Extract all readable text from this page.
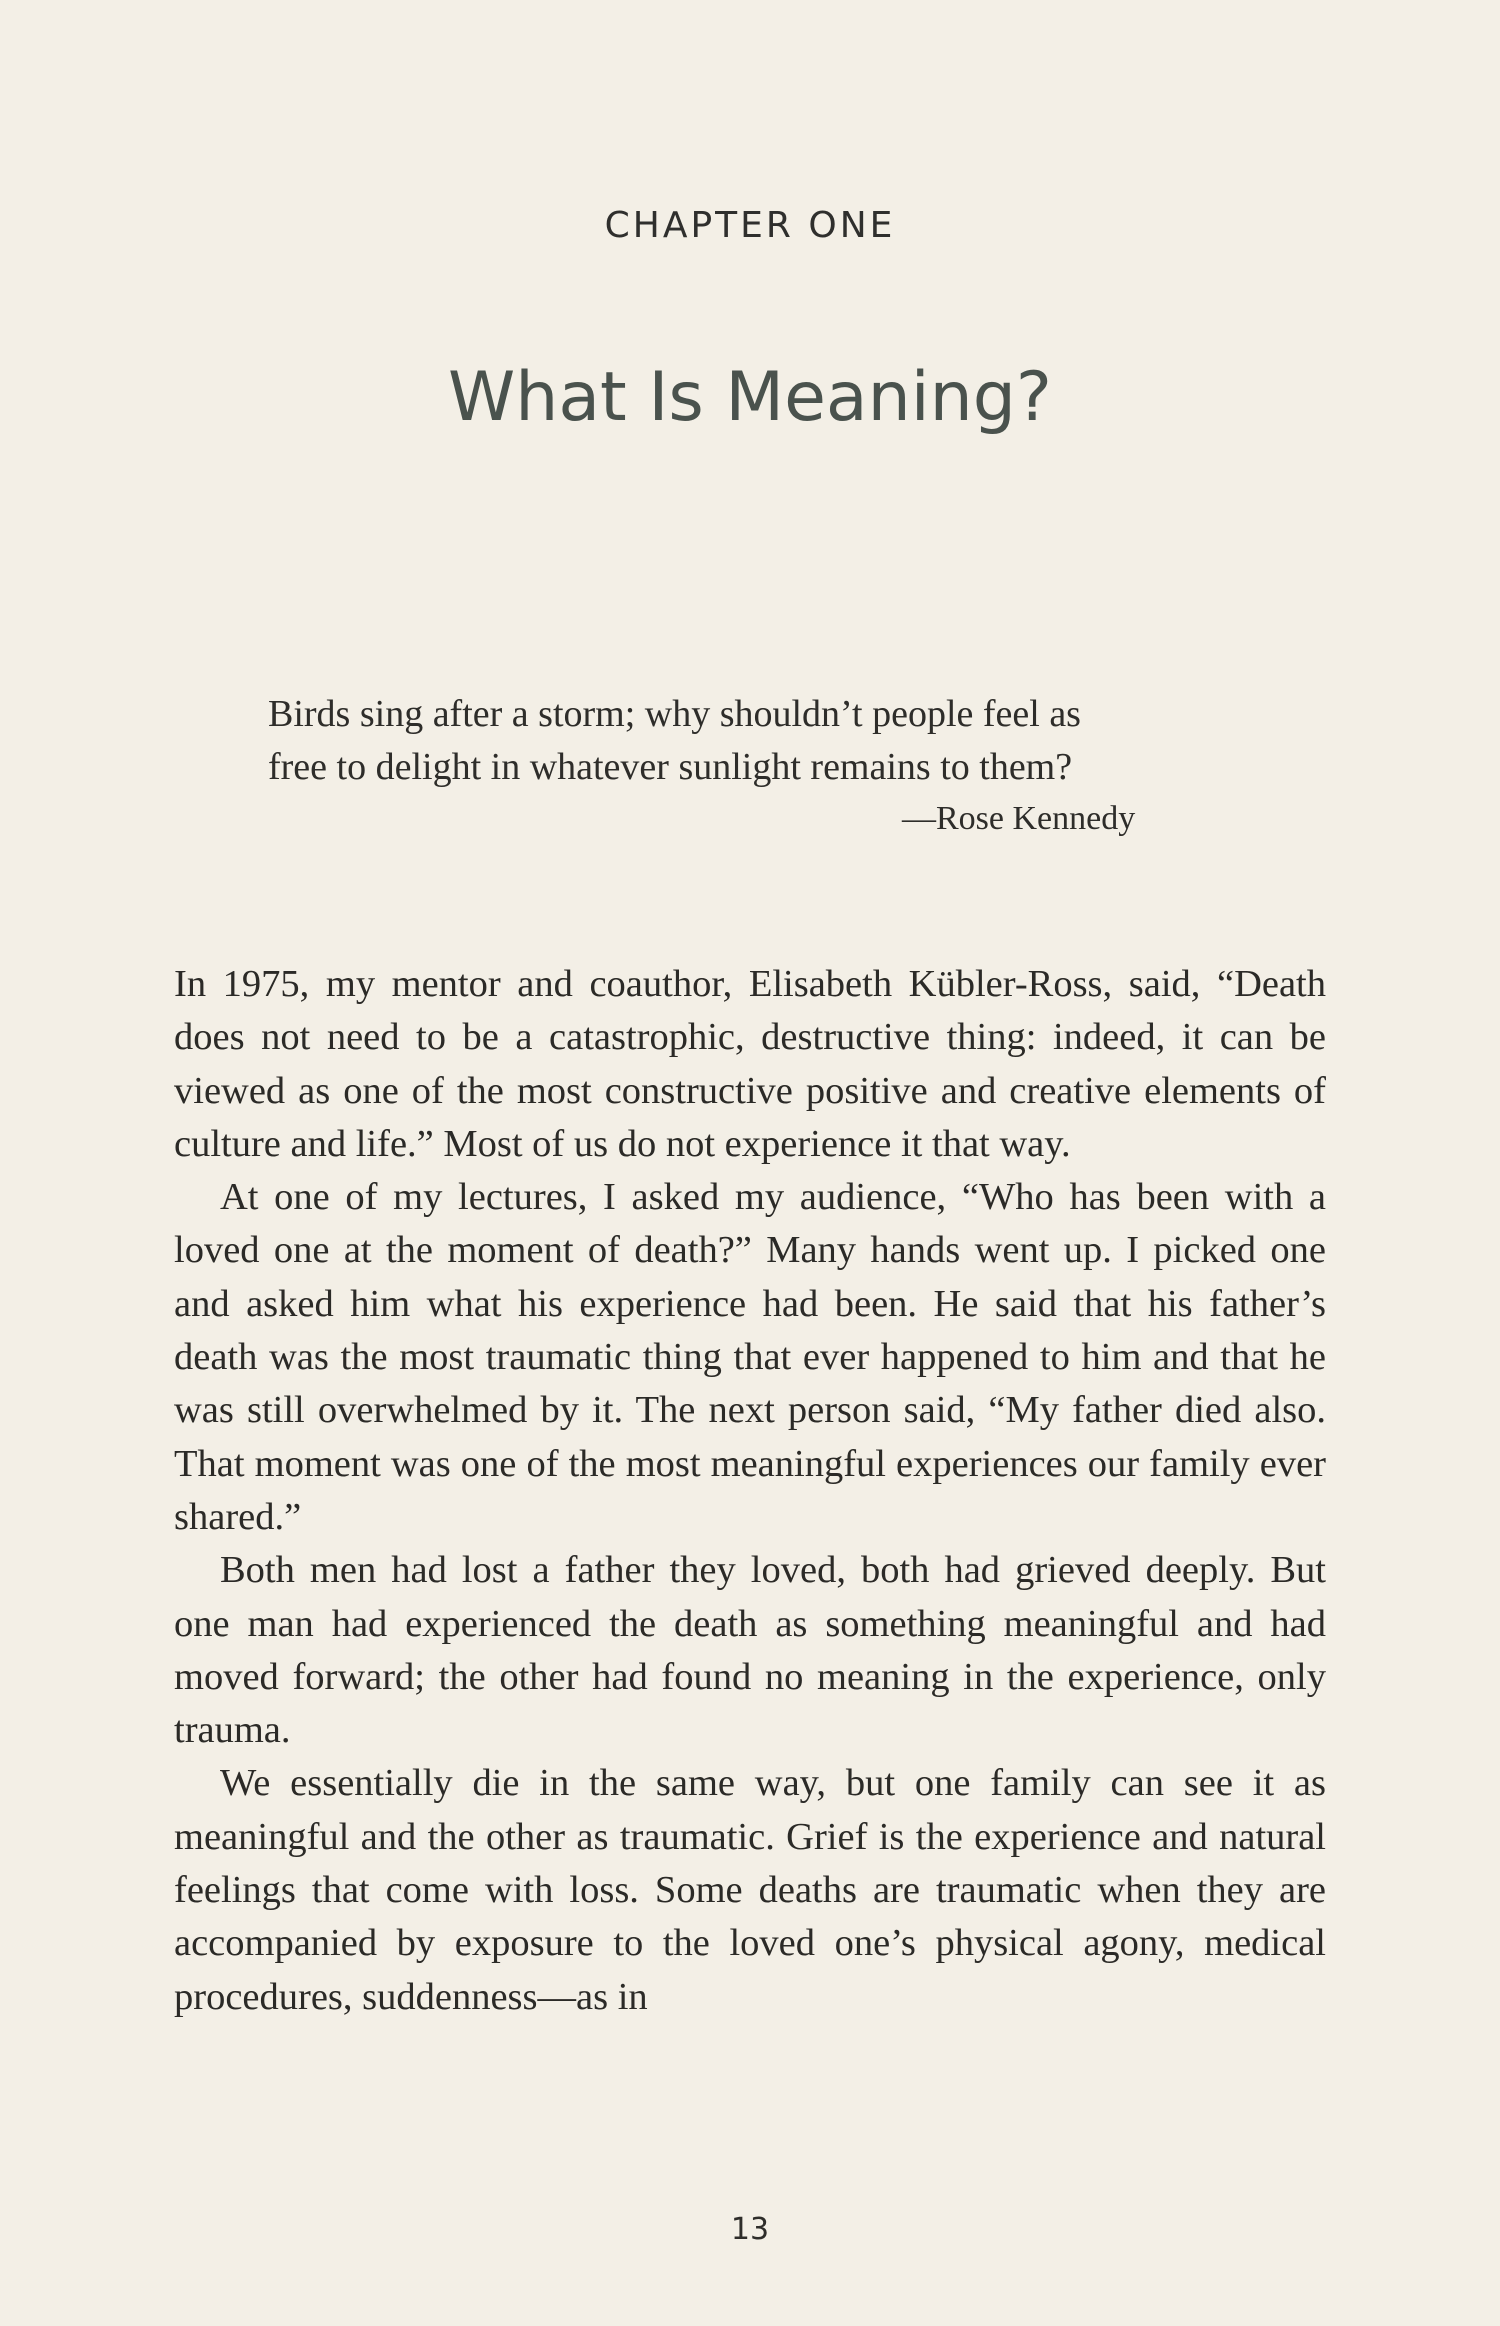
CHAPTER ONE
What Is Meaning?
Birds sing after a storm; why shouldn’t people feel as
free to delight in whatever sunlight remains to them?
—Rose Kennedy

In 1975, my mentor and coauthor, Elisabeth Kübler-Ross, said, “Death does not need to be a catastrophic, destructive thing: indeed, it can be viewed as one of the most constructive positive and creative elements of culture and life.” Most of us do not experience it that way.

At one of my lectures, I asked my audience, “Who has been with a loved one at the moment of death?” Many hands went up. I picked one and asked him what his experience had been. He said that his father’s death was the most traumatic thing that ever happened to him and that he was still overwhelmed by it. The next person said, “My father died also. That moment was one of the most meaningful experiences our family ever shared.”

Both men had lost a father they loved, both had grieved deeply. But one man had experienced the death as something meaningful and had moved forward; the other had found no meaning in the experience, only trauma.

We essentially die in the same way, but one family can see it as meaningful and the other as traumatic. Grief is the experience and natural feelings that come with loss. Some deaths are traumatic when they are accompanied by exposure to the loved one’s physical agony, medical procedures, suddenness—as in

13
